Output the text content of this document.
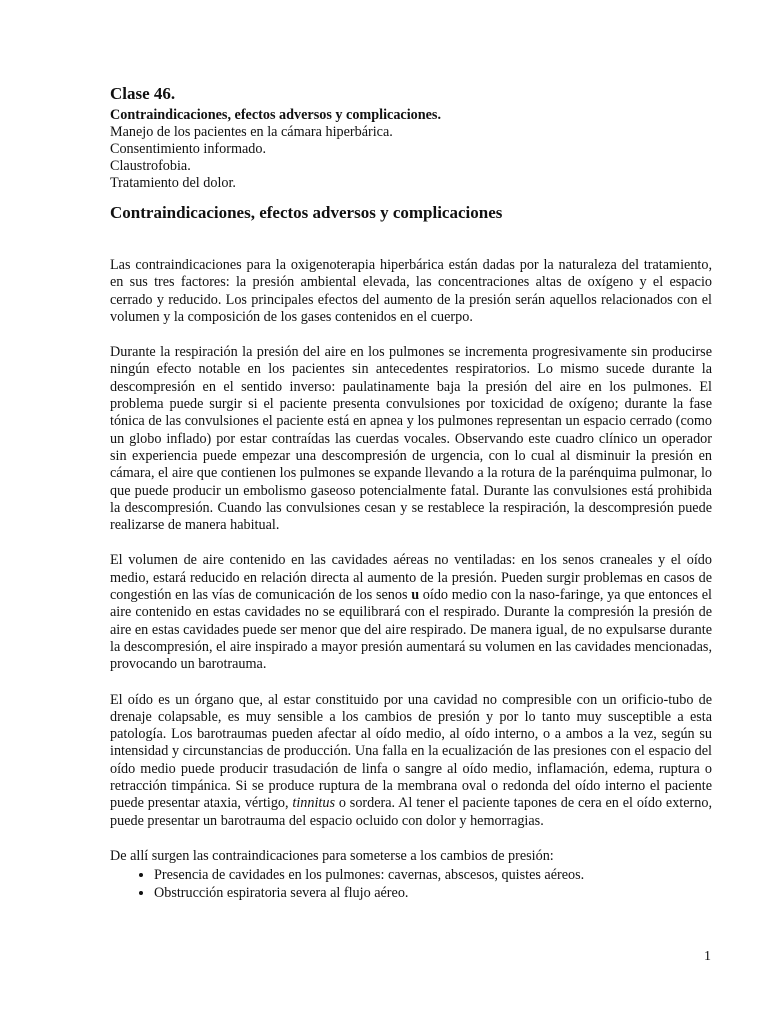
Clase 46.
Contraindicaciones, efectos adversos y complicaciones.
Manejo de los pacientes en la cámara hiperbárica.
Consentimiento informado.
Claustrofobia.
Tratamiento del dolor.
Contraindicaciones, efectos adversos y complicaciones

Las contraindicaciones para la oxigenoterapia hiperbárica están dadas por la naturaleza del tratamiento, en sus tres factores: la presión ambiental elevada, las concentraciones altas de oxígeno y el espacio cerrado y reducido. Los principales efectos del aumento de la presión serán aquellos relacionados con el volumen y la composición de los gases contenidos en el cuerpo.

Durante la respiración la presión del aire en los pulmones se incrementa progresivamente sin producirse ningún efecto notable en los pacientes sin antecedentes respiratorios. Lo mismo sucede durante la descompresión en el sentido inverso: paulatinamente baja la presión del aire en los pulmones. El problema puede surgir si el paciente presenta convulsiones por toxicidad de oxígeno; durante la fase tónica de las convulsiones el paciente está en apnea y los pulmones representan un espacio cerrado (como un globo inflado) por estar contraídas las cuerdas vocales. Observando este cuadro clínico un operador sin experiencia puede empezar una descompresión de urgencia, con lo cual al disminuir la presión en cámara, el aire que contienen los pulmones se expande llevando a la rotura de la parénquima pulmonar, lo que puede producir un embolismo gaseoso potencialmente fatal. Durante las convulsiones está prohibida la descompresión. Cuando las convulsiones cesan y se restablece la respiración, la descompresión puede realizarse de manera habitual.

El volumen de aire contenido en las cavidades aéreas no ventiladas: en los senos craneales y el oído medio, estará reducido en relación directa al aumento de la presión. Pueden surgir problemas en casos de congestión en las vías de comunicación de los senos u oído medio con la naso-faringe, ya que entonces el aire contenido en estas cavidades no se equilibrará con el respirado. Durante la compresión la presión de aire en estas cavidades puede ser menor que del aire respirado. De manera igual, de no expulsarse durante la descompresión, el aire inspirado a mayor presión aumentará su volumen en las cavidades mencionadas, provocando un barotrauma.

El oído es un órgano que, al estar constituido por una cavidad no compresible con un orificio-tubo de drenaje colapsable, es muy sensible a los cambios de presión y por lo tanto muy susceptible a esta patología. Los barotraumas pueden afectar al oído medio, al oído interno, o a ambos a la vez, según su intensidad y circunstancias de producción. Una falla en la ecualización de las presiones con el espacio del oído medio puede producir trasudación de linfa o sangre al oído medio, inflamación, edema, ruptura o retracción timpánica. Si se produce ruptura de la membrana oval o redonda del oído interno el paciente puede presentar ataxia, vértigo, tinnitus o sordera. Al tener el paciente tapones de cera en el oído externo, puede presentar un barotrauma del espacio ocluido con dolor y hemorragias.

De allí surgen las contraindicaciones para someterse a los cambios de presión:

• Presencia de cavidades en los pulmones: cavernas, abscesos, quistes aéreos.
• Obstrucción espiratoria severa al flujo aéreo.
1
